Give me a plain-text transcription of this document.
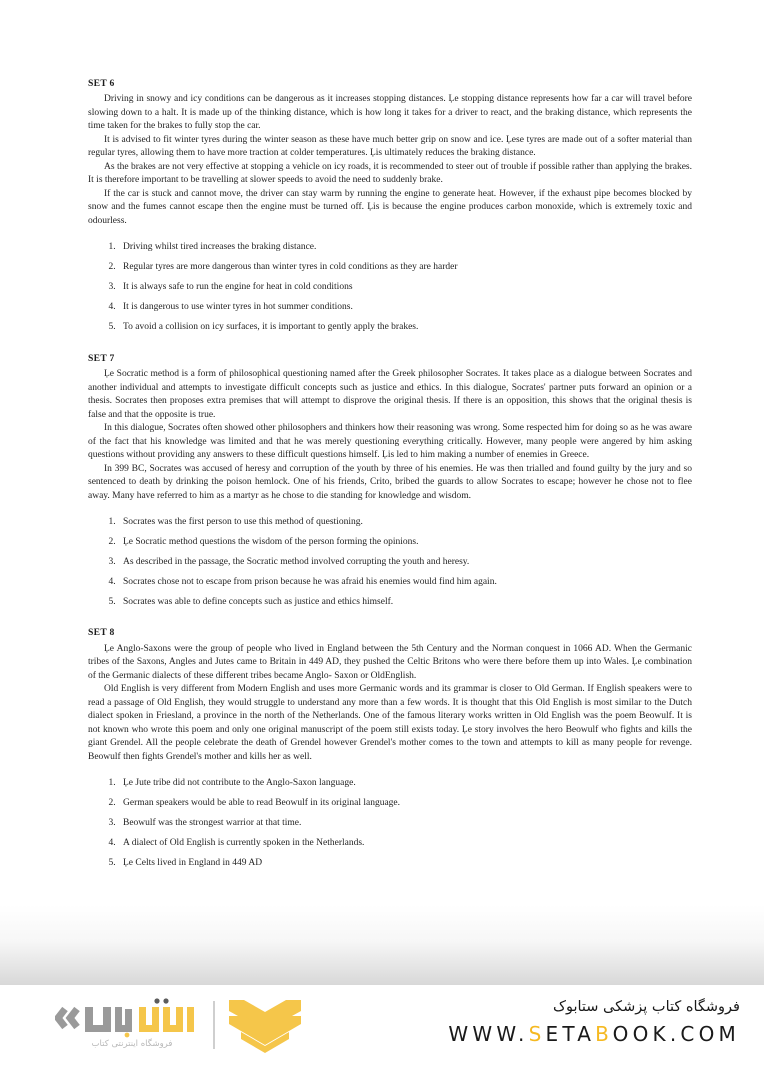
SET 6

Driving in snowy and icy conditions can be dangerous as it increases stopping distances. Ļe stopping distance represents how far a car will travel before slowing down to a halt. It is made up of the thinking distance, which is how long it takes for a driver to react, and the braking distance, which represents the time taken for the brakes to fully stop the car.

It is advised to fit winter tyres during the winter season as these have much better grip on snow and ice. Ļese tyres are made out of a softer material than regular tyres, allowing them to have more traction at colder temperatures. Ļis ultimately reduces the braking distance.

As the brakes are not very effective at stopping a vehicle on icy roads, it is recommended to steer out of trouble if possible rather than applying the brakes. It is therefore important to be travelling at slower speeds to avoid the need to suddenly brake.

If the car is stuck and cannot move, the driver can stay warm by running the engine to generate heat. However, if the exhaust pipe becomes blocked by snow and the fumes cannot escape then the engine must be turned off. Ļis is because the engine produces carbon monoxide, which is extremely toxic and odourless.

1. Driving whilst tired increases the braking distance.
2. Regular tyres are more dangerous than winter tyres in cold conditions as they are harder
3. It is always safe to run the engine for heat in cold conditions
4. It is dangerous to use winter tyres in hot summer conditions.
5. To avoid a collision on icy surfaces, it is important to gently apply the brakes.
SET 7

Ļe Socratic method is a form of philosophical questioning named after the Greek philosopher Socrates. It takes place as a dialogue between Socrates and another individual and attempts to investigate difficult concepts such as justice and ethics. In this dialogue, Socrates' partner puts forward an opinion or a thesis. Socrates then proposes extra premises that will attempt to disprove the original thesis. If there is an opposition, this shows that the original thesis is false and that the opposite is true.

In this dialogue, Socrates often showed other philosophers and thinkers how their reasoning was wrong. Some respected him for doing so as he was aware of the fact that his knowledge was limited and that he was merely questioning everything critically. However, many people were angered by him asking questions without providing any answers to these difficult questions himself. Ļis led to him making a number of enemies in Greece.

In 399 BC, Socrates was accused of heresy and corruption of the youth by three of his enemies. He was then trialled and found guilty by the jury and so sentenced to death by drinking the poison hemlock. One of his friends, Crito, bribed the guards to allow Socrates to escape; however he chose not to flee away. Many have referred to him as a martyr as he chose to die standing for knowledge and wisdom.

1. Socrates was the first person to use this method of questioning.
2. Ļe Socratic method questions the wisdom of the person forming the opinions.
3. As described in the passage, the Socratic method involved corrupting the youth and heresy.
4. Socrates chose not to escape from prison because he was afraid his enemies would find him again.
5. Socrates was able to define concepts such as justice and ethics himself.
SET 8

Ļe Anglo-Saxons were the group of people who lived in England between the 5th Century and the Norman conquest in 1066 AD. When the Germanic tribes of the Saxons, Angles and Jutes came to Britain in 449 AD, they pushed the Celtic Britons who were there before them up into Wales. Ļe combination of the Germanic dialects of these different tribes became Anglo- Saxon or OldEnglish.

Old English is very different from Modern English and uses more Germanic words and its grammar is closer to Old German. If English speakers were to read a passage of Old English, they would struggle to understand any more than a few words. It is thought that this Old English is most similar to the Dutch dialect spoken in Friesland, a province in the north of the Netherlands. One of the famous literary works written in Old English was the poem Beowulf. It is not known who wrote this poem and only one original manuscript of the poem still exists today. Ļe story involves the hero Beowulf who fights and kills the giant Grendel. All the people celebrate the death of Grendel however Grendel's mother comes to the town and attempts to kill as many people for revenge. Beowulf then fights Grendel's mother and kills her as well.

1. Ļe Jute tribe did not contribute to the Anglo-Saxon language.
2. German speakers would be able to read Beowulf in its original language.
3. Beowulf was the strongest warrior at that time.
4. A dialect of Old English is currently spoken in the Netherlands.
5. Ļe Celts lived in England in 449 AD
فروشگاه اینترنتی کتاب
فروشگاه کتاب پزشکی ستابوک
WWW.SETABOOK.COM
